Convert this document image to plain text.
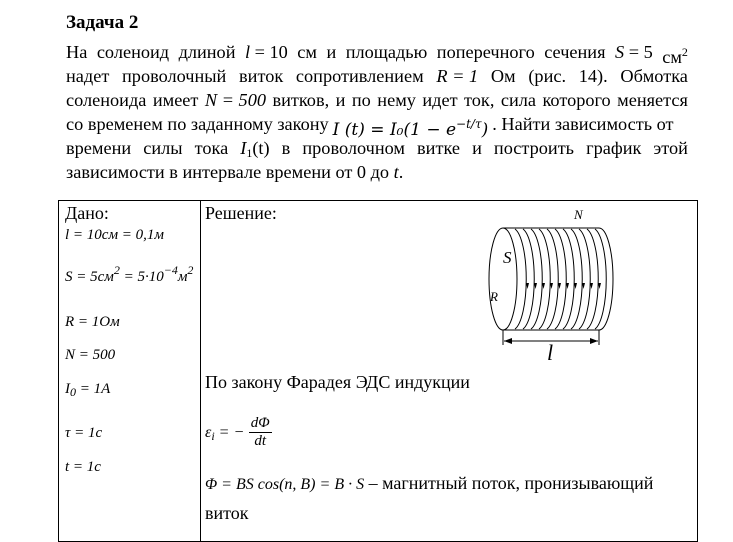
Задача 2
На соленоид длиной l = 10 см и площадью поперечного сечения S = 5 $см^2$
надет проволочный виток сопротивлением R = 1 Ом (рис. 14). Обмотка
соленоида имеет N = 500 витков, и по нему идет ток, сила которого меняется
со временем по заданному закону I $(t) = I_0(1 - e^{-t/\tau})$ . Найти зависимость от
времени силы тока $I_1(t)$ в проволочном витке и построить график этой
зависимости в интервале времени от 0 до t.
Дано:
l = 10см = 0,1м
$S = 5см^2 = 5\cdot 10^{-4}м^2$
R = 1Ом
N = 500
$I_0 = 1A$
τ = 1c
t = 1c

Решение:	N
S
R
l
По закону Фарадея ЭДС индукции
$\varepsilon_i$ = − $\frac{d\Phi}{dt}$
Φ = BS cos(n, B) = B · S – магнитный поток, пронизывающий
виток
